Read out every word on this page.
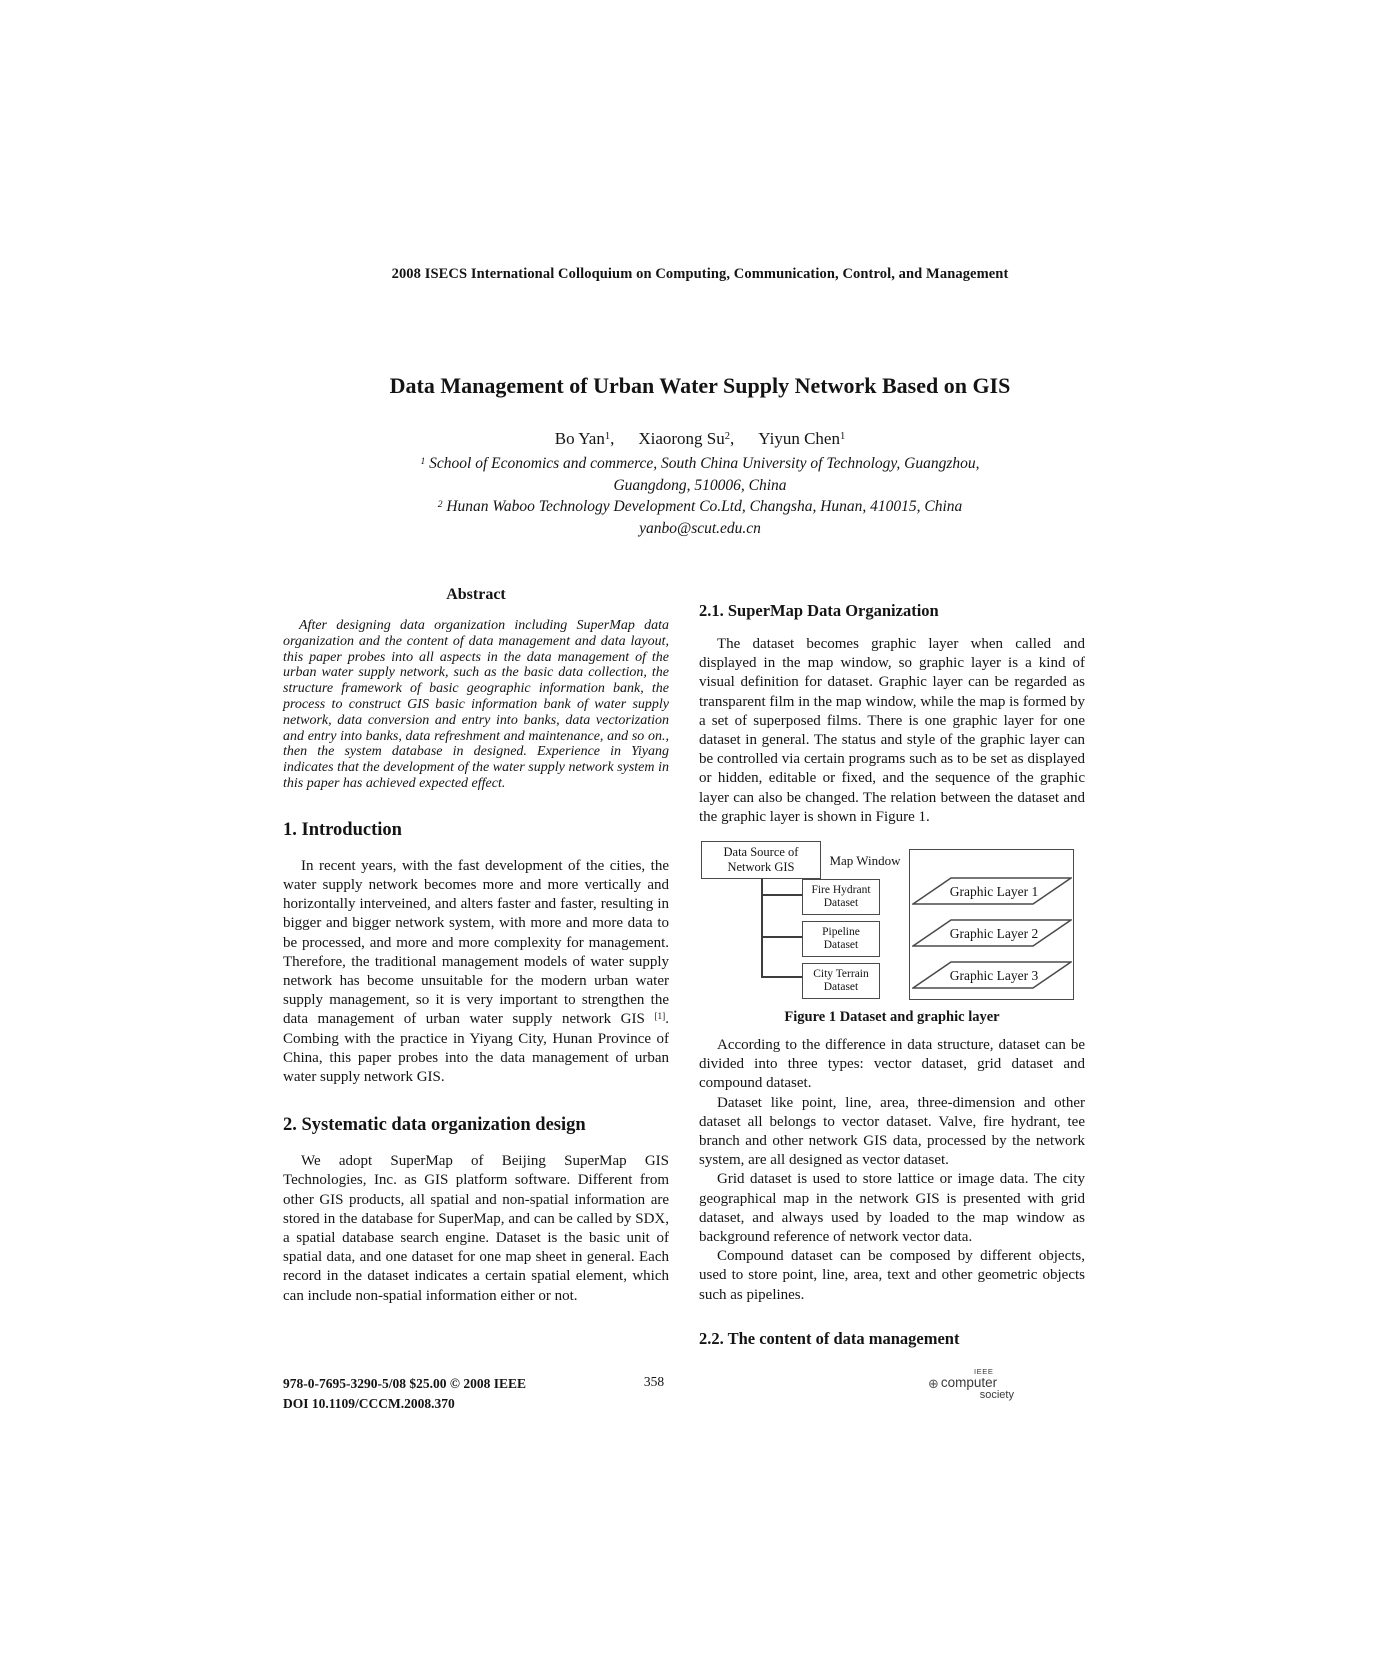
2008 ISECS International Colloquium on Computing, Communication, Control, and Management
Data Management of Urban Water Supply Network Based on GIS
Bo Yan$^1$, Xiaorong Su$^2$, Yiyun Chen$^1$
$^1$ School of Economics and commerce, South China University of Technology, Guangzhou,
Guangdong, 510006, China
$^2$ Hunan Waboo Technology Development Co.Ltd, Changsha, Hunan, 410015, China
yanbo@scut.edu.cn
Abstract

After designing data organization including SuperMap data organization and the content of data management and data layout, this paper probes into all aspects in the data management of the urban water supply network, such as the basic data collection, the structure framework of basic geographic information bank, the process to construct GIS basic information bank of water supply network, data conversion and entry into banks, data vectorization and entry into banks, data refreshment and maintenance, and so on., then the system database in designed. Experience in Yiyang indicates that the development of the water supply network system in this paper has achieved expected effect.

1. Introduction

In recent years, with the fast development of the cities, the water supply network becomes more and more vertically and horizontally interveined, and alters faster and faster, resulting in bigger and bigger network system, with more and more data to be processed, and more and more complexity for management. Therefore, the traditional management models of water supply network has become unsuitable for the modern urban water supply management, so it is very important to strengthen the data management of urban water supply network GIS [1]. Combing with the practice in Yiyang City, Hunan Province of China, this paper probes into the data management of urban water supply network GIS.

2. Systematic data organization design

We adopt SuperMap of Beijing SuperMap GIS Technologies, Inc. as GIS platform software. Different from other GIS products, all spatial and non-spatial information are stored in the database for SuperMap, and can be called by SDX, a spatial database search engine. Dataset is the basic unit of spatial data, and one dataset for one map sheet in general. Each record in the dataset indicates a certain spatial element, which can include non-spatial information either or not.

2.1. SuperMap Data Organization

The dataset becomes graphic layer when called and displayed in the map window, so graphic layer is a kind of visual definition for dataset. Graphic layer can be regarded as transparent film in the map window, while the map is formed by a set of superposed films. There is one graphic layer for one dataset in general. The status and style of the graphic layer can be controlled via certain programs such as to be set as displayed or hidden, editable or fixed, and the sequence of the graphic layer can also be changed. The relation between the dataset and the graphic layer is shown in Figure 1.

Data Source of
Network GIS	Map Window
Fire Hydrant
Dataset
Pipeline
Dataset
City Terrain
Dataset
Graphic Layer 1
Graphic Layer 2
Graphic Layer 3
Figure 1 Dataset and graphic layer

According to the difference in data structure, dataset can be divided into three types: vector dataset, grid dataset and compound dataset.

Dataset like point, line, area, three-dimension and other dataset all belongs to vector dataset. Valve, fire hydrant, tee branch and other network GIS data, processed by the network system, are all designed as vector dataset.

Grid dataset is used to store lattice or image data. The city geographical map in the network GIS is presented with grid dataset, and always used by loaded to the map window as background reference of network vector data.

Compound dataset can be composed by different objects, used to store point, line, area, text and other geometric objects such as pipelines.

2.2. The content of data management
978-0-7695-3290-5/08 $25.00 © 2008 IEEE
DOI 10.1109/CCCM.2008.370
358
IEEE
⊕ computer
society
